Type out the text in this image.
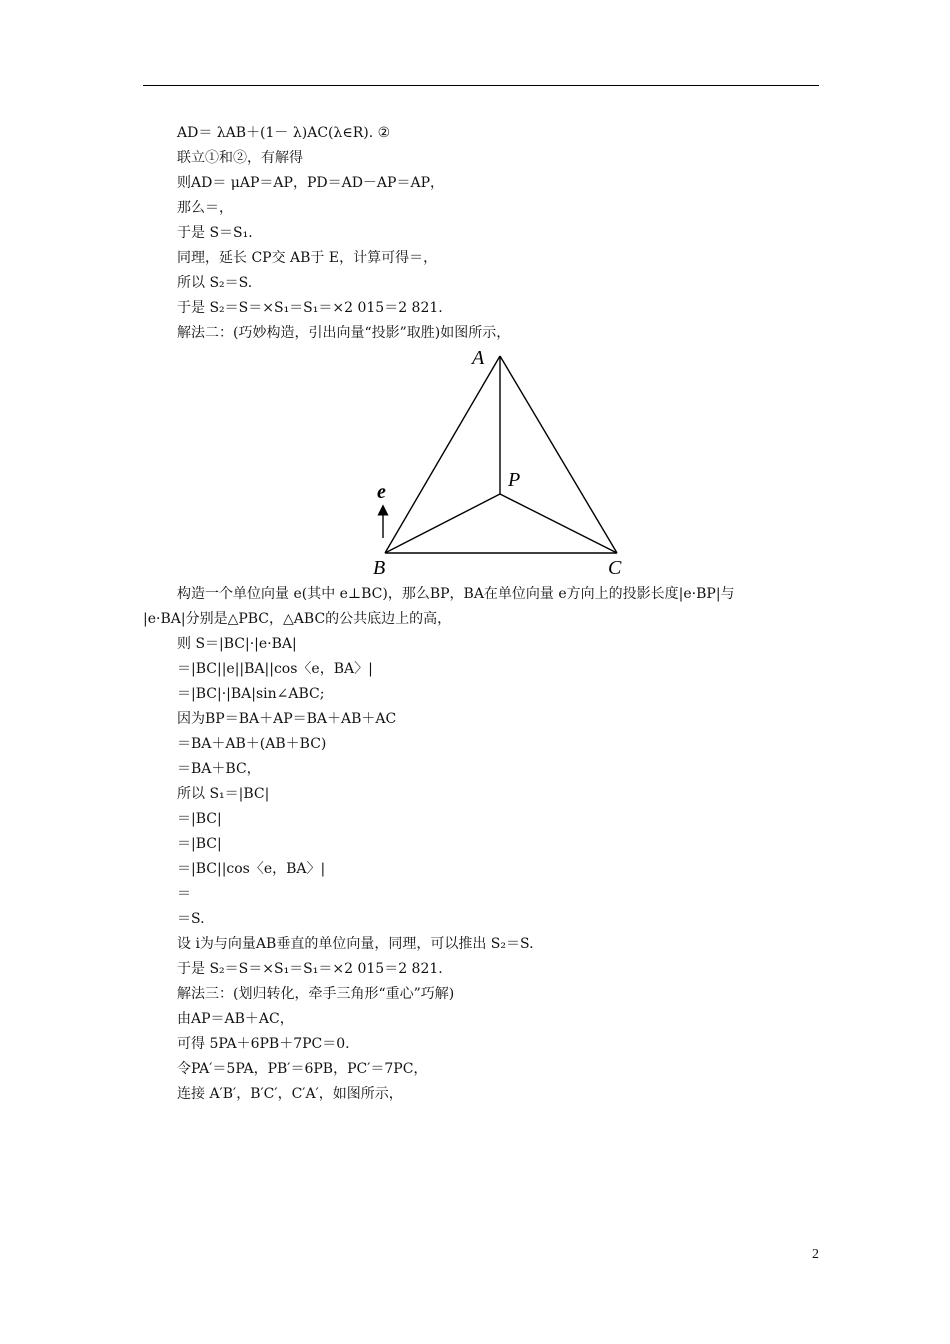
AD＝ λAB＋(1－ λ)AC(λ∈R). ②
联立①和②，有解得
则AD＝ μAP＝AP，PD＝AD－AP＝AP，
那么＝，
于是 S＝S₁.
同理，延长 CP交 AB于 E，计算可得＝，
所以 S₂＝S.
于是 S₂＝S＝×S₁＝S₁＝×2 015＝2 821.
解法二：(巧妙构造，引出向量“投影”取胜)如图所示，
A
P
e
B	C
构造一个单位向量 e(其中 e⊥BC)，那么BP，BA在单位向量 e方向上的投影长度|e·BP|与
|e·BA|分别是△PBC，△ABC的公共底边上的高，
则 S＝|BC|·|e·BA|
＝|BC||e||BA||cos〈e，BA〉|
＝|BC|·|BA|sin∠ABC;
因为BP＝BA＋AP＝BA＋AB＋AC
＝BA＋AB＋(AB＋BC)
＝BA＋BC，
所以 S₁＝|BC|
＝|BC|
＝|BC|
＝|BC||cos〈e，BA〉|
＝
＝S.
设 i为与向量AB垂直的单位向量，同理，可以推出 S₂＝S.
于是 S₂＝S＝×S₁＝S₁＝×2 015＝2 821.
解法三：(划归转化，牵手三角形“重心”巧解)
由AP＝AB＋AC，
可得 5PA＋6PB＋7PC＝0.
令PA′＝5PA，PB′＝6PB，PC′＝7PC，
连接 A′B′，B′C′，C′A′，如图所示，
2
